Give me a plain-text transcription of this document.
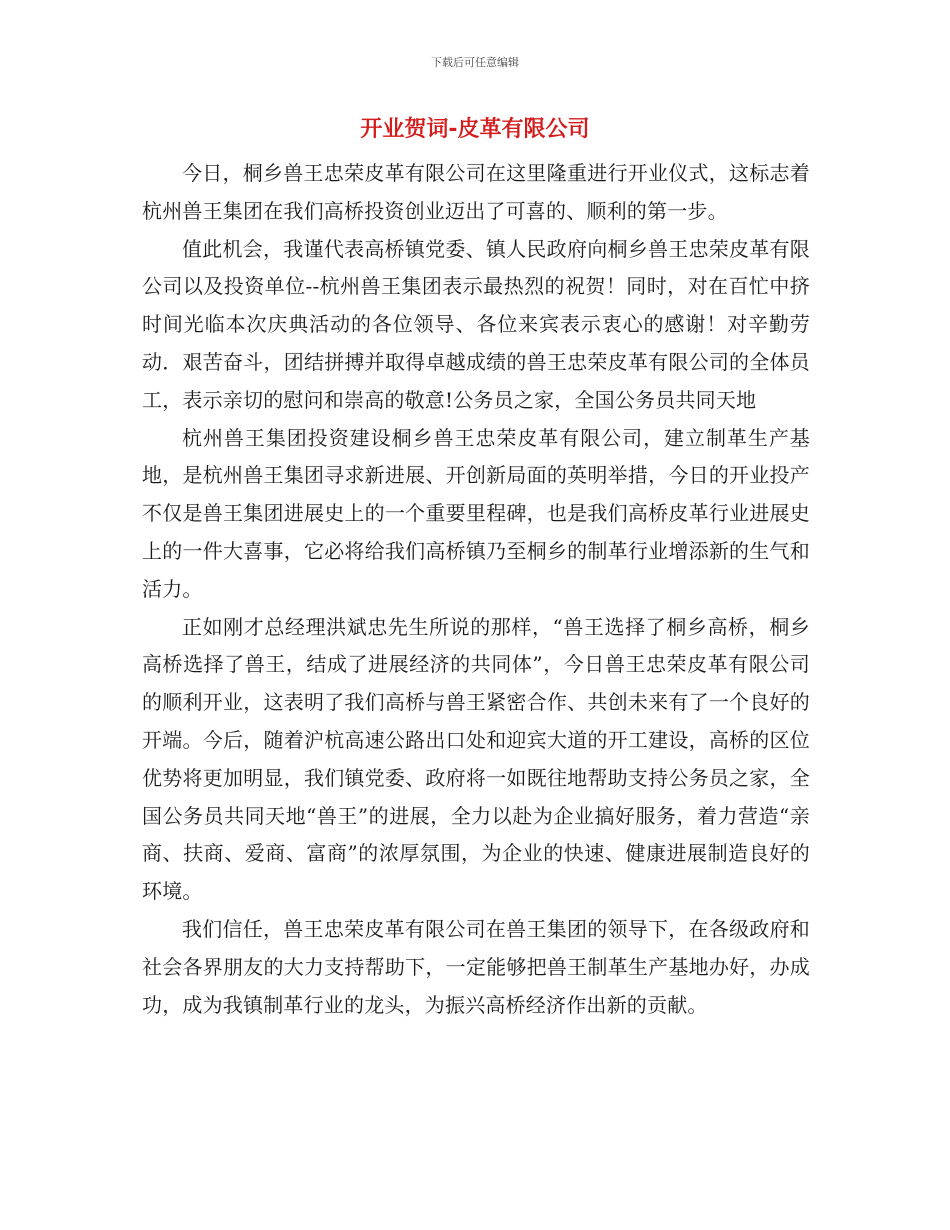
下载后可任意编辑
开业贺词-皮革有限公司

今日，桐乡兽王忠荣皮革有限公司在这里隆重进行开业仪式，这标志着杭州兽王集团在我们高桥投资创业迈出了可喜的、顺利的第一步。

值此机会，我谨代表高桥镇党委、镇人民政府向桐乡兽王忠荣皮革有限公司以及投资单位--杭州兽王集团表示最热烈的祝贺！同时，对在百忙中挤时间光临本次庆典活动的各位领导、各位来宾表示衷心的感谢！对辛勤劳动．艰苦奋斗，团结拼搏并取得卓越成绩的兽王忠荣皮革有限公司的全体员工，表示亲切的慰问和崇高的敬意!公务员之家，全国公务员共同天地

杭州兽王集团投资建设桐乡兽王忠荣皮革有限公司，建立制革生产基地，是杭州兽王集团寻求新进展、开创新局面的英明举措，今日的开业投产不仅是兽王集团进展史上的一个重要里程碑，也是我们高桥皮革行业进展史上的一件大喜事，它必将给我们高桥镇乃至桐乡的制革行业增添新的生气和活力。

正如刚才总经理洪斌忠先生所说的那样，“兽王选择了桐乡高桥，桐乡高桥选择了兽王，结成了进展经济的共同体”，今日兽王忠荣皮革有限公司的顺利开业，这表明了我们高桥与兽王紧密合作、共创未来有了一个良好的开端。今后，随着沪杭高速公路出口处和迎宾大道的开工建设，高桥的区位优势将更加明显，我们镇党委、政府将一如既往地帮助支持公务员之家，全国公务员共同天地“兽王”的进展，全力以赴为企业搞好服务，着力营造“亲商、扶商、爱商、富商”的浓厚氛围，为企业的快速、健康进展制造良好的环境。

我们信任，兽王忠荣皮革有限公司在兽王集团的领导下，在各级政府和社会各界朋友的大力支持帮助下，一定能够把兽王制革生产基地办好，办成功，成为我镇制革行业的龙头，为振兴高桥经济作出新的贡献。
